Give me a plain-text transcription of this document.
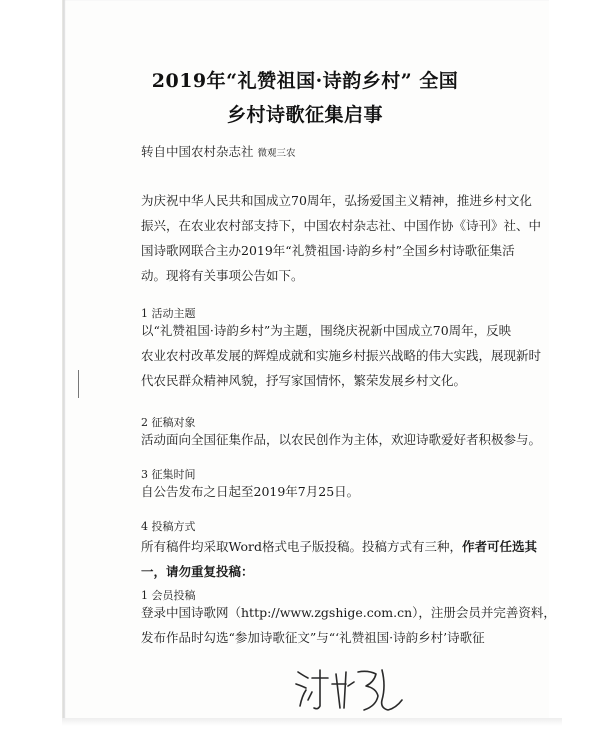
2019年“礼赞祖国·诗韵乡村” 全国
乡村诗歌征集启事
转自中国农村杂志社 微观三农
为庆祝中华人民共和国成立70周年，弘扬爱国主义精神，推进乡村文化
振兴，在农业农村部支持下，中国农村杂志社、中国作协《诗刊》社、中
国诗歌网联合主办2019年“礼赞祖国·诗韵乡村”全国乡村诗歌征集活
动。现将有关事项公告如下。
1 活动主题
以“礼赞祖国·诗韵乡村”为主题，围绕庆祝新中国成立70周年，反映
农业农村改革发展的辉煌成就和实施乡村振兴战略的伟大实践，展现新时
代农民群众精神风貌，抒写家国情怀，繁荣发展乡村文化。
2 征稿对象
活动面向全国征集作品，以农民创作为主体，欢迎诗歌爱好者积极参与。
3 征集时间
自公告发布之日起至2019年7月25日。
4 投稿方式
所有稿件均采取Word格式电子版投稿。投稿方式有三种，作者可任选其
一，请勿重复投稿：
1 会员投稿
登录中国诗歌网（http://www.zgshige.com.cn），注册会员并完善资料，
发布作品时勾选“参加诗歌征文”与“‘礼赞祖国·诗韵乡村’诗歌征
